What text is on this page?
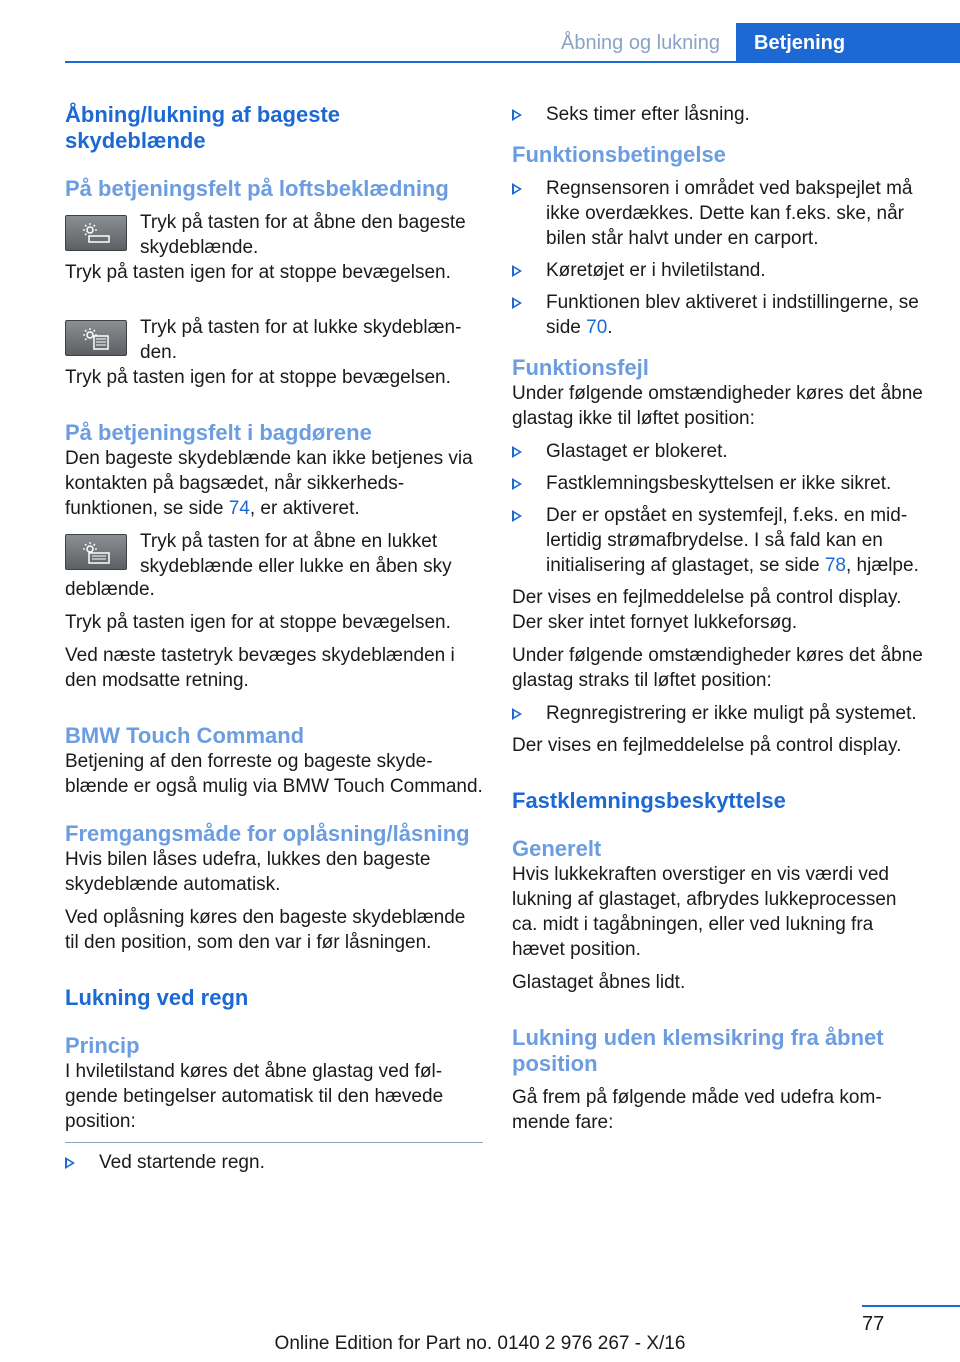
Åbning og lukning	Betjening
Åbning/lukning af bageste skydeblænde
På betjeningsfelt på loftsbeklædning
Tryk på tasten for at åbne den bageste skydeblænde.

Tryk på tasten igen for at stoppe bevægelsen.

Tryk på tasten for at lukke skydeblænden.

Tryk på tasten igen for at stoppe bevægelsen.

På betjeningsfelt i bagdørene

Den bageste skydeblænde kan ikke betjenes via kontakten på bagsædet, når sikkerhedsfunktionen, se side 74, er aktiveret.

Tryk på tasten for at åbne en lukket skydeblænde eller lukke en åben sky

deblænde.

Tryk på tasten igen for at stoppe bevægelsen.

Ved næste tastetryk bevæges skydeblænden i den modsatte retning.

BMW Touch Command

Betjening af den forreste og bageste skydeblænde er også mulig via BMW Touch Command.

Fremgangsmåde for oplåsning/låsning

Hvis bilen låses udefra, lukkes den bageste skydeblænde automatisk.

Ved oplåsning køres den bageste skydeblænde til den position, som den var i før låsningen.

Lukning ved regn
Princip

I hviletilstand køres det åbne glastag ved følgende betingelser automatisk til den hævede position:

Ved startende regn.
Seks timer efter låsning.
Funktionsbetingelse
Regnsensoren i området ved bakspejlet må ikke overdækkes. Dette kan f.eks. ske, når bilen står halvt under en carport.
Køretøjet er i hviletilstand.
Funktionen blev aktiveret i indstillingerne, se side 70.
Funktionsfejl

Under følgende omstændigheder køres det åbne glastag ikke til løftet position:

Glastaget er blokeret.
Fastklemningsbeskyttelsen er ikke sikret.
Der er opstået en systemfejl, f.eks. en midlertidig strømafbrydelse. I så fald kan en initialisering af glastaget, se side 78, hjælpe.

Der vises en fejlmeddelelse på control display. Der sker intet fornyet lukkeforsøg.

Under følgende omstændigheder køres det åbne glastag straks til løftet position:

Regnregistrering er ikke muligt på systemet.

Der vises en fejlmeddelelse på control display.

Fastklemningsbeskyttelse
Generelt

Hvis lukkekraften overstiger en vis værdi ved lukning af glastaget, afbrydes lukkeprocessen ca. midt i tagåbningen, eller ved lukning fra hævet position.

Glastaget åbnes lidt.

Lukning uden klemsikring fra åbnet position

Gå frem på følgende måde ved udefra kommende fare:

77
Online Edition for Part no. 0140 2 976 267 - X/16
